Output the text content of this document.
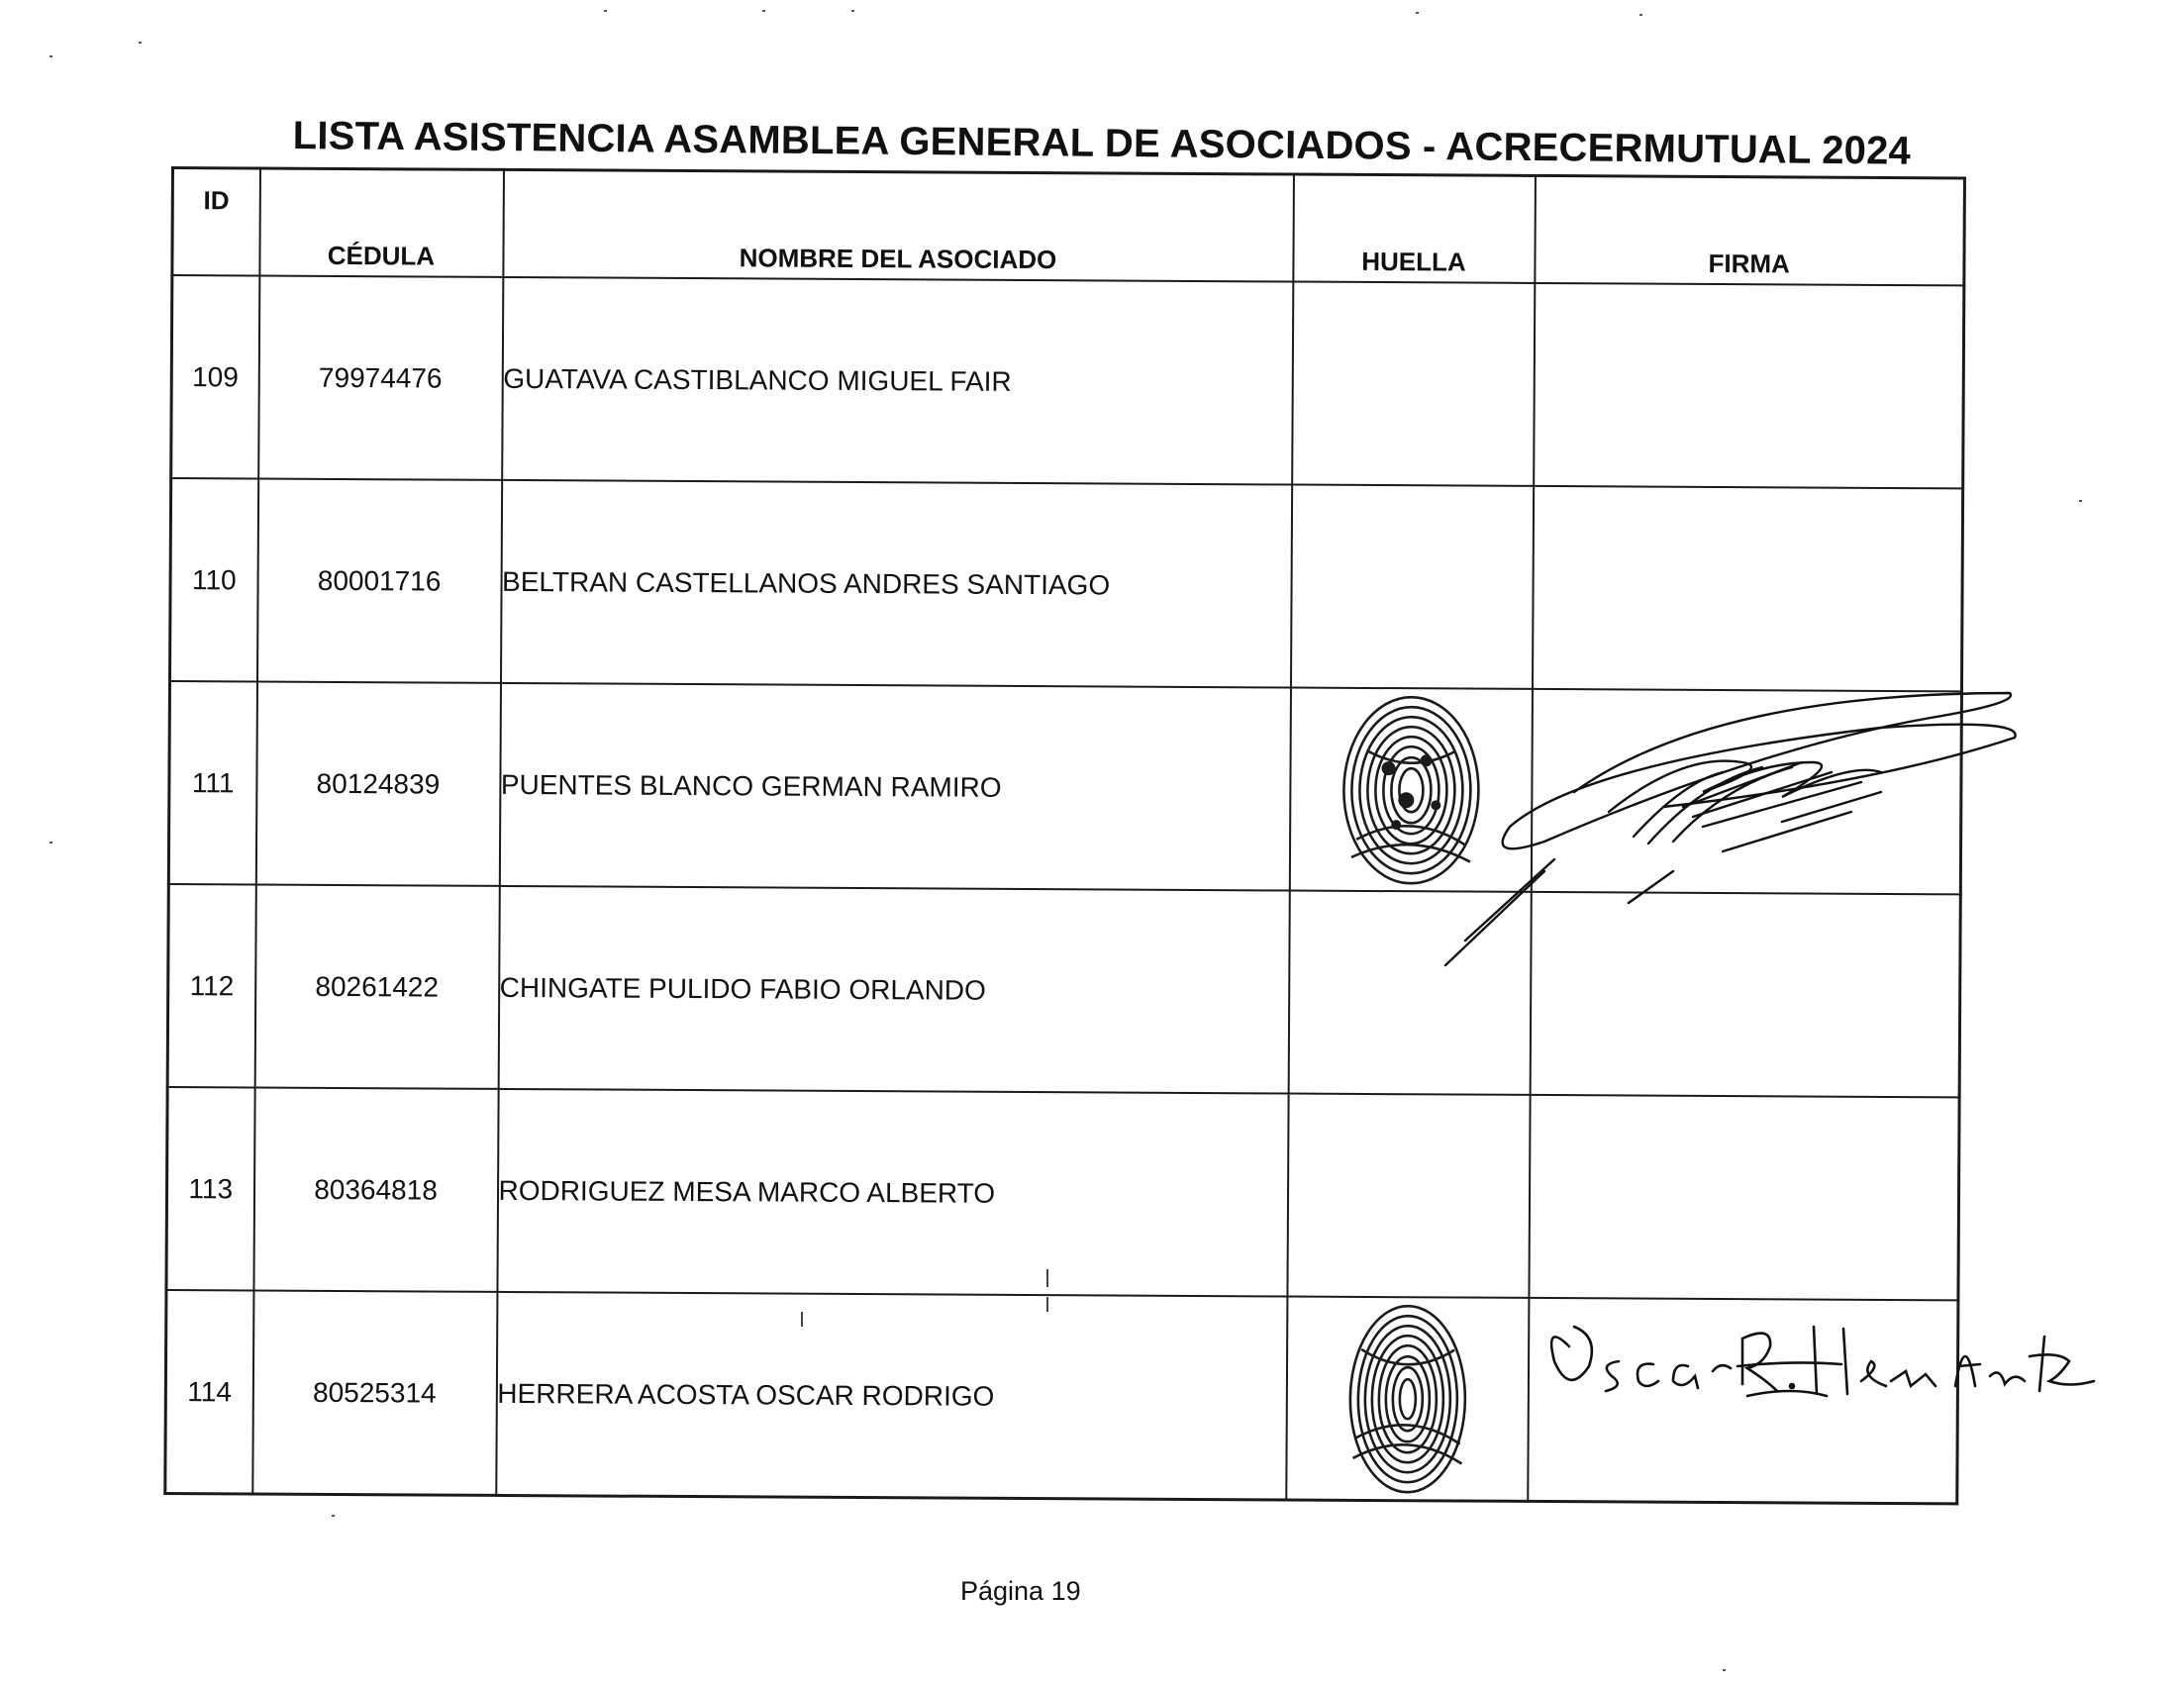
LISTA ASISTENCIA ASAMBLEA GENERAL DE ASOCIADOS - ACRECERMUTUAL 2024
ID	CÉDULA	NOMBRE DEL ASOCIADO	HUELLA	FIRMA
109	79974476	GUATAVA CASTIBLANCO MIGUEL FAIR		
110	80001716	BELTRAN CASTELLANOS ANDRES SANTIAGO		
111	80124839	PUENTES BLANCO GERMAN RAMIRO	

112	80261422	CHINGATE PULIDO FABIO ORLANDO		
113	80364818	RODRIGUEZ MESA MARCO ALBERTO		
114	80525314	HERRERA ACOSTA OSCAR RODRIGO	

Página 19
